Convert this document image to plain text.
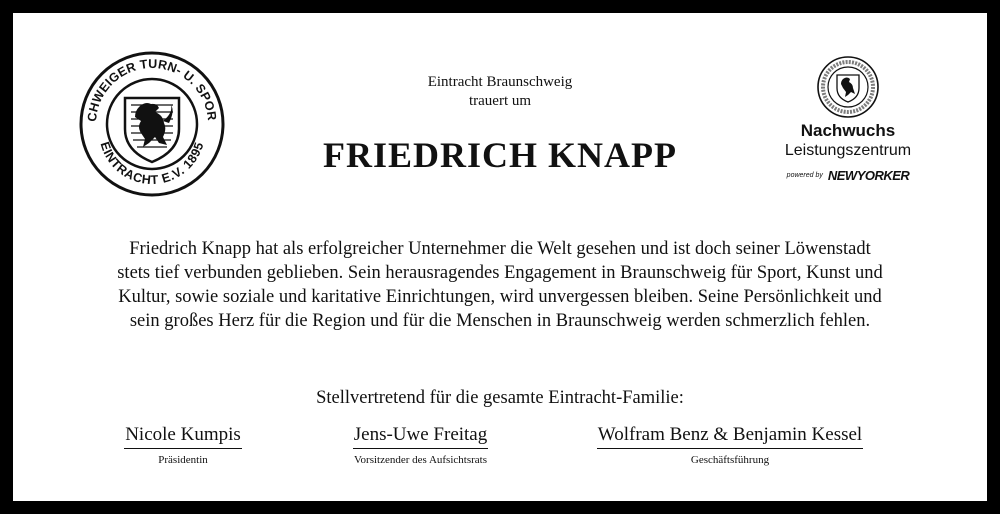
CHWEIGER TURN- U. SPOR
EINTRACHT E.V. 1895
Eintracht Braunschweig
trauert um
FRIEDRICH KNAPP
Nachwuchs
Leistungszentrum
powered by NEWYORKER

Friedrich Knapp hat als erfolgreicher Unternehmer die Welt gesehen und ist doch seiner Löwenstadt

stets tief verbunden geblieben. Sein herausragendes Engagement in Braunschweig für Sport, Kunst und

Kultur, sowie soziale und karitative Einrichtungen, wird unvergessen bleiben. Seine Persönlichkeit und

sein großes Herz für die Region und für die Menschen in Braunschweig werden schmerzlich fehlen.

Stellvertretend für die gesamte Eintracht-Familie:
Nicole Kumpis
Präsidentin
Jens-Uwe Freitag
Vorsitzender des Aufsichtsrats
Wolfram Benz & Benjamin Kessel
Geschäftsführung
